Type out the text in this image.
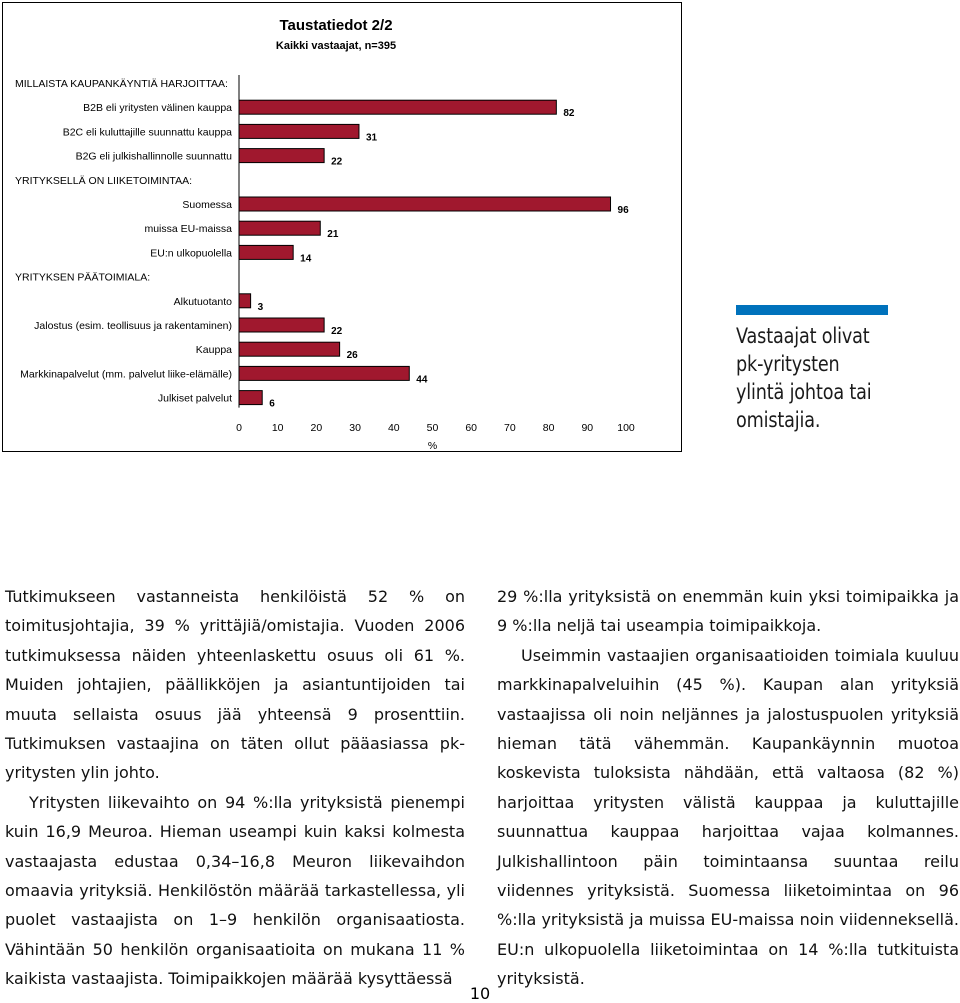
Taustatiedot 2/2
Kaikki vastaajat, n=395
MILLAISTA KAUPANKÄYNTIÄ HARJOITTAA:
B2B eli yritysten välinen kauppa	82
B2C eli kuluttajille suunnattu kauppa	31
B2G eli julkishallinnolle suunnattu	22
YRITYKSELLÄ ON LIIKETOIMINTAA:
Suomessa	96
muissa EU-maissa	21
EU:n ulkopuolella	14
YRITYKSEN PÄÄTOIMIALA:
Alkutuotanto	3
Jalostus (esim. teollisuus ja rakentaminen)	22
Kauppa	26
Markkinapalvelut (mm. palvelut liike-elämälle)	44
Julkiset palvelut	6
0	10	20	30	40	50	60	70	80	90 100
%
Vastaajat olivat
pk-yritysten
ylintä johtoa tai
omistajia.

Tutkimukseen vastanneista henkilöistä 52 % on toimitusjohtajia, 39 % yrittäjiä/omistajia. Vuoden 2006 tutkimuksessa näiden yhteenlaskettu osuus oli 61 %. Muiden johtajien, päällikköjen ja asiantuntijoiden tai muuta sellaista osuus jää yhteensä 9 prosenttiin. Tutkimuksen vastaajina on täten ollut pääasiassa pk-yritysten ylin johto.

Yritysten liikevaihto on 94 %:lla yrityksistä pienempi kuin 16,9 Meuroa. Hieman useampi kuin kaksi kolmesta vastaajasta edustaa 0,34–16,8 Meuron liikevaihdon omaavia yrityksiä. Henkilöstön määrää tarkastellessa, yli puolet vastaajista on 1–9 henkilön organisaatiosta. Vähintään 50 henkilön organisaatioita on mukana 11 % kaikista vastaajista. Toimipaikkojen määrää kysyttäessä

29 %:lla yrityksistä on enemmän kuin yksi toimipaikka ja 9 %:lla neljä tai useampia toimipaikkoja.

Useimmin vastaajien organisaatioiden toimiala kuuluu markkinapalveluihin (45 %). Kaupan alan yrityksiä vastaajissa oli noin neljännes ja jalostuspuolen yrityksiä hieman tätä vähemmän. Kaupankäynnin muotoa koskevista tuloksista nähdään, että valtaosa (82 %) harjoittaa yritysten välistä kauppaa ja kuluttajille suunnattua kauppaa harjoittaa vajaa kolmannes. Julkishallintoon päin toimintaansa suuntaa reilu viidennes yrityksistä. Suomessa liiketoimintaa on 96 %:lla yrityksistä ja muissa EU-maissa noin viidenneksellä. EU:n ulkopuolella liiketoimintaa on 14 %:lla tutkituista yrityksistä.

10
